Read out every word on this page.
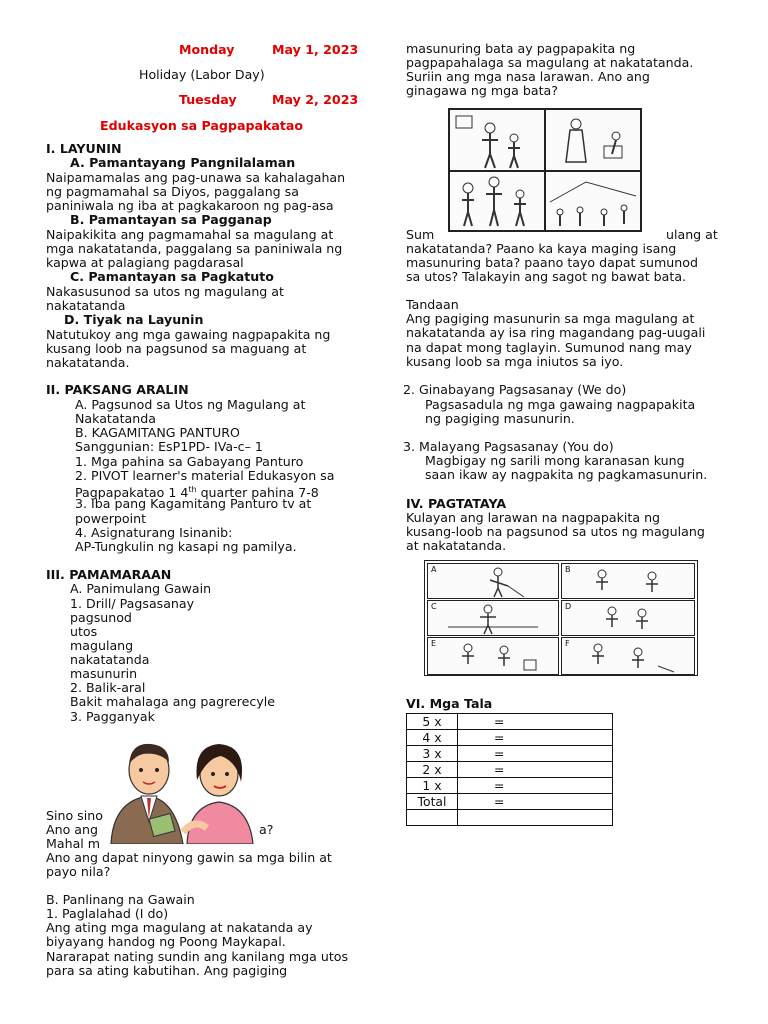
Monday	May 1, 2023
Holiday (Labor Day)
Tuesday	May 2, 2023
Edukasyon sa Pagpapakatao
I. LAYUNIN
A. Pamantayang Pangnilalaman
Naipamamalas ang pag-unawa sa kahalagahan
ng pagmamahal sa Diyos, paggalang sa
paniniwala ng iba at pagkakaroon ng pag-asa
B. Pamantayan sa Pagganap
Naipakikita ang pagmamahal sa magulang at
mga nakatatanda, paggalang sa paniniwala ng
kapwa at palagiang pagdarasal
C. Pamantayan sa Pagkatuto
Nakasusunod sa utos ng magulang at
nakatatanda
D. Tiyak na Layunin
Natutukoy ang mga gawaing nagpapakita ng
kusang loob na pagsunod sa maguang at
nakatatanda.
II. PAKSANG ARALIN
A. Pagsunod sa Utos ng Magulang at
Nakatatanda
B. KAGAMITANG PANTURO
Sanggunian: EsP1PD- IVa-c– 1
1. Mga pahina sa Gabayang Panturo
2. PIVOT learner's material Edukasyon sa
Pagpapakatao 1 4th quarter pahina 7-8
3. Iba pang Kagamitang Panturo tv at
powerpoint
4. Asignaturang Isinanib:
AP-Tungkulin ng kasapi ng pamilya.
III. PAMAMARAAN
A. Panimulang Gawain
1. Drill/ Pagsasanay
pagsunod
utos
magulang
nakatatanda
masunurin
2. Balik-aral
Bakit mahalaga ang pagrerecyle
3. Pagganyak
Sino sino
Ano ang	a?
Mahal m
Ano ang dapat ninyong gawin sa mga bilin at
payo nila?
B. Panlinang na Gawain
1. Paglalahad (I do)
Ang ating mga magulang at nakatanda ay
biyayang handog ng Poong Maykapal.
Nararapat nating sundin ang kanilang mga utos
para sa ating kabutihan. Ang pagiging
masunuring bata ay pagpapakita ng
pagpapahalaga sa magulang at nakatatanda.
Suriin ang mga nasa larawan. Ano ang
ginagawa ng mga bata?
Sum	ulang at
nakatatanda? Paano ka kaya maging isang
masunuring bata? paano tayo dapat sumunod
sa utos? Talakayin ang sagot ng bawat bata.
Tandaan
Ang pagiging masunurin sa mga magulang at
nakatatanda ay isa ring magandang pag-uugali
na dapat mong taglayin. Sumunod nang may
kusang loob sa mga iniutos sa iyo.
2. Ginabayang Pagsasanay (We do)
Pagsasadula ng mga gawaing nagpapakita
ng pagiging masunurin.
3. Malayang Pagsasanay (You do)
Magbigay ng sarili mong karanasan kung
saan ikaw ay nagpakita ng pagkamasunurin.
IV. PAGTATAYA
Kulayan ang larawan na nagpapakita ng
kusang-loob na pagsunod sa utos ng magulang
at nakatatanda.
A	B
C	D
E	F
VI. Mga Tala
5 x	=
4 x	=
3 x	=
2 x	=
1 x	=
Total	=
